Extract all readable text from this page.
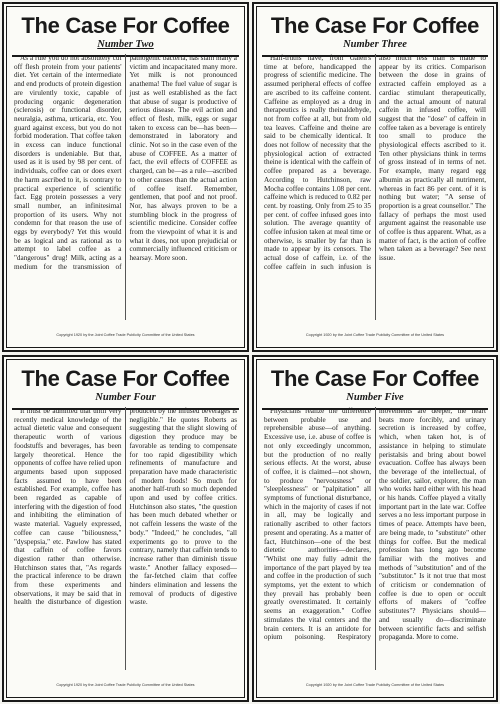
The Case For Coffee
Number Two

As a rule you do not absolutely cut off flesh protein from your patients' diet. Yet certain of the intermediate and end products of protein digestion are virulently toxic, capable of producing organic degeneration (sclerosis) or functional disorder, neuralgia, asthma, urticaria, etc. You guard against excess, but you do not forbid moderation. That coffee taken in excess can induce functional disorders is undeniable. But that, used as it is used by 98 per cent. of individuals, coffee can or does exert the harm ascribed to it, is contrary to practical experience of scientific fact. Egg protein possesses a very small number, an infinitesimal proportion of its users. Why not condemn for that reason the use of eggs by everybody? Yet this would be as logical and as rational as to attempt to label coffee as a "dangerous" drug! Milk, acting as a medium for the transmission of pathogenic bacteria, has slain many a victim and incapacitated many more. Yet milk is not pronounced anathema! The fuel value of sugar is just as well established as the fact that abuse of sugar is productive of serious disease. The evil action and effect of flesh, milk, eggs or sugar taken to excess can be—has been—demonstrated in laboratory and clinic. Not so in the case even of the abuse of COFFEE. As a matter of fact, the evil effects of COFFEE as charged, can be—as a rule—ascribed to other causes than the actual action of coffee itself. Remember, gentlemen, that poof and not proof. Nor, has always proven to be a stumbling block in the progress of scientific medicine. Consider coffee from the viewpoint of what it is and what it does, not upon prejudicial or commercially influenced criticism or hearsay. More soon.

Copyright 1920 by the Joint Coffee Trade Publicity Committee of the United States
The Case For Coffee
Number Three

Half-truths have, from Galen's time at before, handicapped the progress of scientific medicine. The assumed peripheral effects of coffee are ascribed to its caffeine content. Caffeine as employed as a drug in therapeutics is really theinaldehyde, not from coffee at all, but from old tea leaves. Caffeine and theine are said to be chemically identical. It does not follow of necessity that the physiological action of extracted theine is identical with the caffein of coffee prepared as a beverage. According to Hutchinson, raw Mocha coffee contains 1.08 per cent. caffeine which is reduced to 0.82 per cent. by roasting. Only from 25 to 35 per cent. of coffee infused goes into solution. The average quantity of coffee infusion taken at meal time or otherwise, is smaller by far than is made to appear by its censors. The actual dose of caffein, i.e. of the coffee caffein in such infusion is also much less than is made to appear by its critics. Comparison between the dose in grains of extracted caffein employed as a cardiac stimulant therapeutically, and the actual amount of natural caffein in infused coffee, will suggest that the "dose" of caffein in coffee taken as a beverage is entirely too small to produce the physiological effects ascribed to it. Ten other physicians think in terms of gross instead of in terms of net. For example, many regard egg albumin as practically all nutriment, whereas in fact 86 per cent. of it is nothing but water; "A sense of proportion is a great counsellor." The fallacy of perhaps the most used argument against the reasonable use of coffee is thus apparent. What, as a matter of fact, is the action of coffee when taken as a beverage? See next issue.

Copyright 1920 by the Joint Coffee Trade Publicity Committee of the United States
The Case For Coffee
Number Four

It must be admitted that until very recently medical knowledge of the actual dietetic value and consequent therapeutic worth of various foodstuffs and beverages, has been largely theoretical. Hence the opponents of coffee have relied upon arguments based upon supposed facts assumed to have been established. For example, coffee has been regarded as capable of interfering with the digestion of food and inhibiting the elimination of waste material. Vaguely expressed, coffee can cause "biliousness," "dyspepsia," etc. Pawlow has stated that caffein of coffee favors digestion rather than otherwise. Hutchinson states that, "As regards the practical inference to be drawn from these experiments and observations, it may be said that in health the disturbance of digestion produced by the infused beverages is negligible." He quotes Roberts as suggesting that the slight slowing of digestion they produce may be favorable as tending to compensate for too rapid digestibility which refinements of manufacture and preparation have made characteristic of modern foods! So much for another half-truth so much depended upon and used by coffee critics. Hutchinson also states, "the question has been much debated whether or not caffein lessens the waste of the body." "Indeed," he concludes, "all experiments go to prove to the contrary, namely that caffein tends to increase rather than diminish tissue waste." Another fallacy exposed—the far-fetched claim that coffee hinders elimination and lessens the removal of products of digestive waste.

Copyright 1920 by the Joint Coffee Trade Publicity Committee of the United States
The Case For Coffee
Number Five

Physicians realize the difference between probable use and reprehensible abuse—of anything. Excessive use, i.e. abuse of coffee is not only exceedingly uncommon, but the production of no really serious effects. At the worst, abuse of coffee, it is claimed—not shown, to produce "nervousness" or "sleeplessness" or "palpitation" all symptoms of functional disturbance, which in the majority of cases if not in all, may be logically and rationally ascribed to other factors present and operating. As a matter of fact, Hutchinson—one of the best dietetic authorities—declares, "Whilst one may fully admit the importance of the part played by tea and coffee in the production of such symptoms, yet the extent to which they prevail has probably been greatly overestimated. It certainly seems an exaggeration." Coffee stimulates the vital centers and the brain centers. It is an antidote for opium poisoning. Respiratory movements are deeper, the heart beats more forcibly, and urinary secretion is increased by coffee, which, when taken hot, is of assistance in helping to stimulate peristalsis and bring about bowel evacuation. Coffee has always been the beverage of the intellectual, of the soldier, sailor, explorer, the man who works hard either with his head or his hands. Coffee played a vitally important part in the late war. Coffee serves a no less important purpose in times of peace. Attempts have been, are being made, to "substitute" other things for coffee. But the medical profession has long ago become familiar with the motives and methods of "substitution" and of the "substitutor." Is it not true that most of criticism or condemnation of coffee is due to open or occult efforts of makers of "coffee substitutes"? Physicians should—and usually do—discriminate between scientific facts and selfish propaganda. More to come.

Copyright 1920 by the Joint Coffee Trade Publicity Committee of the United States
